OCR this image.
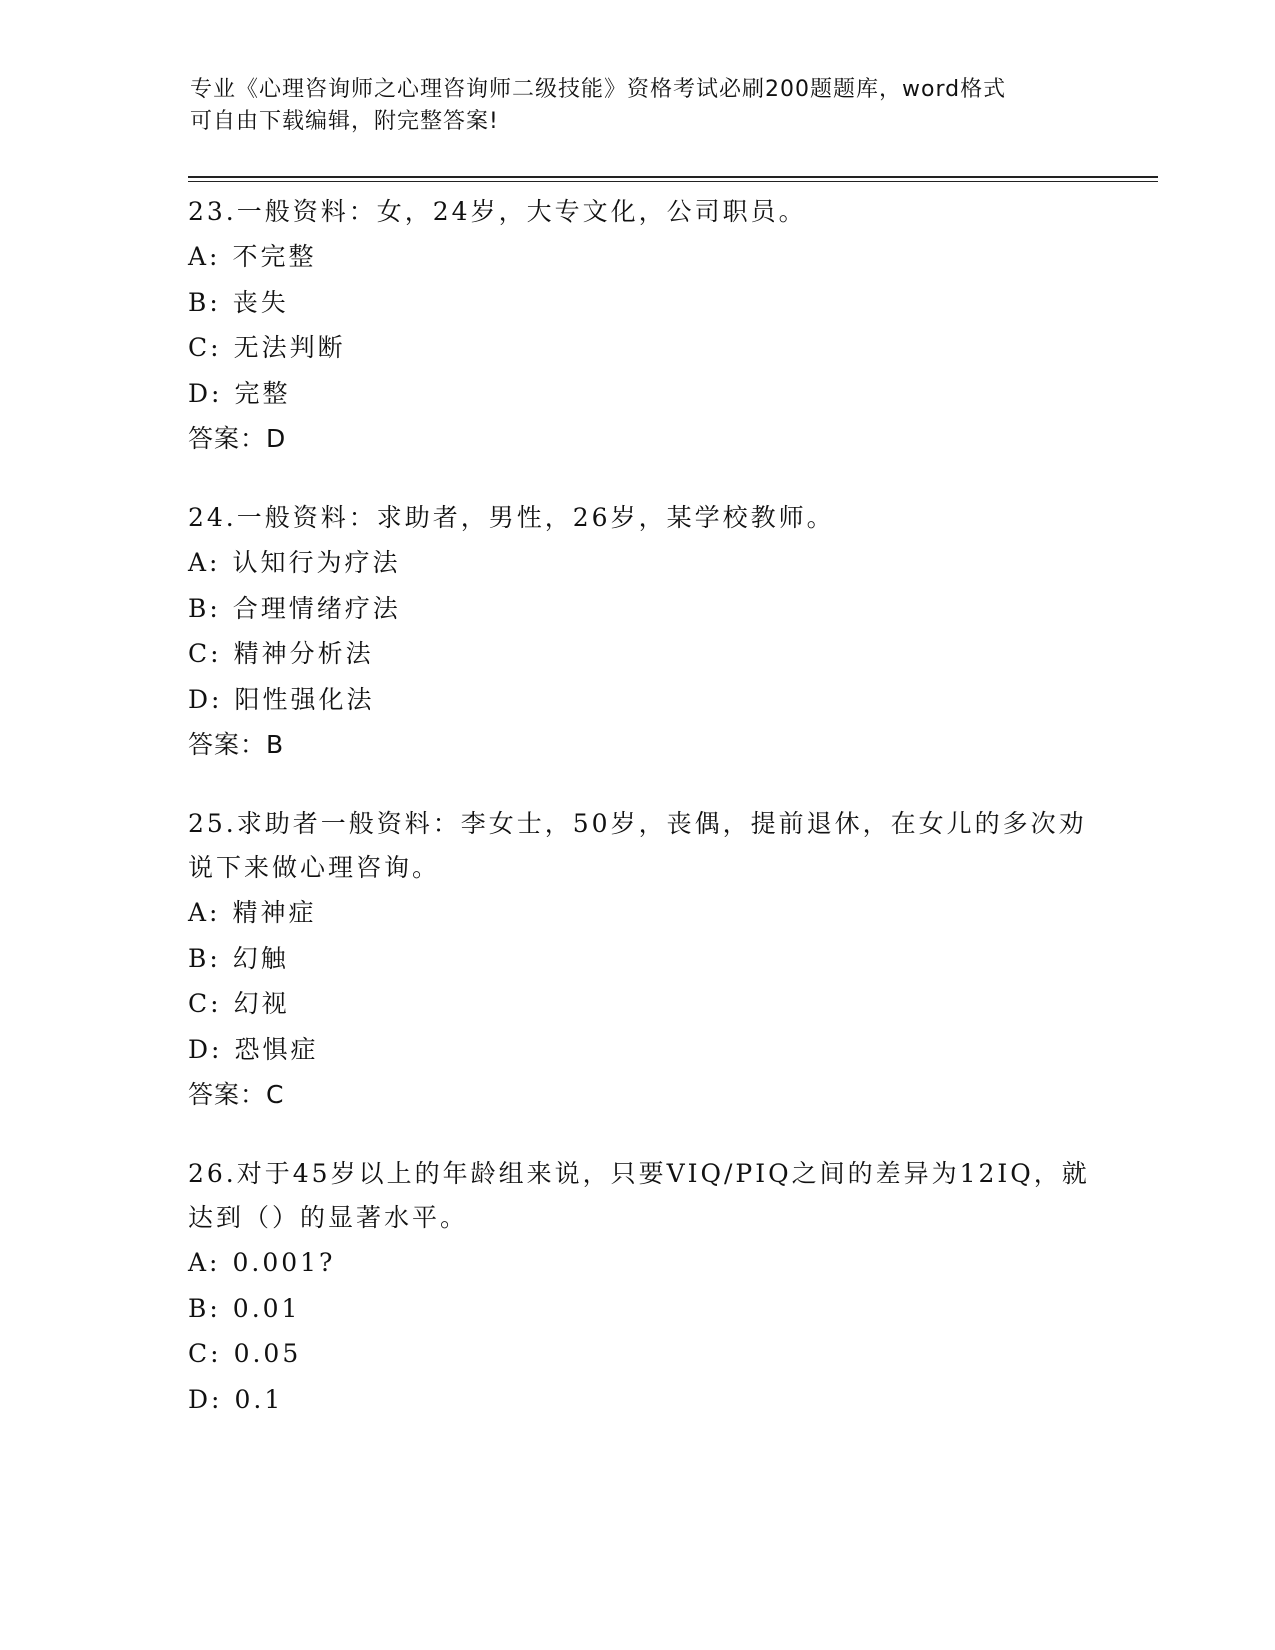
专业《心理咨询师之心理咨询师二级技能》资格考试必刷200题题库，word格式
可自由下载编辑，附完整答案!
23.一般资料：女，24岁，大专文化，公司职员。
A: 不完整
B: 丧失
C: 无法判断
D: 完整
答案：D
24.一般资料：求助者，男性，26岁，某学校教师。
A: 认知行为疗法
B: 合理情绪疗法
C: 精神分析法
D: 阳性强化法
答案：B
25.求助者一般资料：李女士，50岁，丧偶，提前退休，在女儿的多次劝说下来做心理咨询。
A: 精神症
B: 幻触
C: 幻视
D: 恐惧症
答案：C
26.对于45岁以上的年龄组来说，只要VIQ/PIQ之间的差异为12IQ，就达到（）的显著水平。
A: 0.001?
B: 0.01
C: 0.05
D: 0.1
